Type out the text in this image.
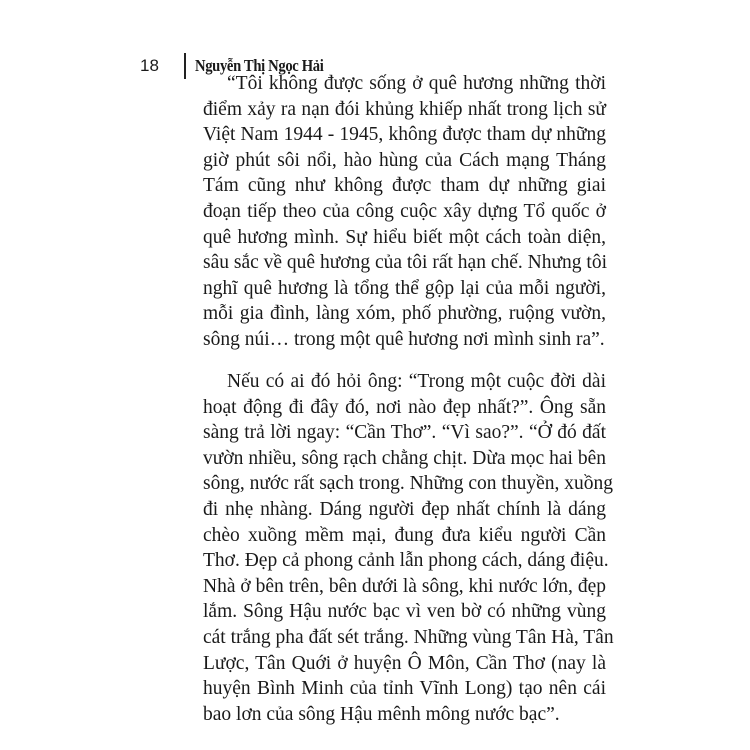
18	Nguyễn Thị Ngọc Hải
“Tôi không được sống ở quê hương những thời
điểm xảy ra nạn đói khủng khiếp nhất trong lịch sử
Việt Nam 1944 - 1945, không được tham dự những
giờ phút sôi nổi, hào hùng của Cách mạng Tháng
Tám cũng như không được tham dự những giai
đoạn tiếp theo của công cuộc xây dựng Tổ quốc ở
quê hương mình. Sự hiểu biết một cách toàn diện,
sâu sắc về quê hương của tôi rất hạn chế. Nhưng tôi
nghĩ quê hương là tổng thể gộp lại của mỗi người,
mỗi gia đình, làng xóm, phố phường, ruộng vườn,
sông núi… trong một quê hương nơi mình sinh ra”.
Nếu có ai đó hỏi ông: “Trong một cuộc đời dài
hoạt động đi đây đó, nơi nào đẹp nhất?”. Ông sẵn
sàng trả lời ngay: “Cần Thơ”. “Vì sao?”. “Ở đó đất
vườn nhiều, sông rạch chằng chịt. Dừa mọc hai bên
sông, nước rất sạch trong. Những con thuyền, xuồng
đi nhẹ nhàng. Dáng người đẹp nhất chính là dáng
chèo xuồng mềm mại, đung đưa kiểu người Cần
Thơ. Đẹp cả phong cảnh lẫn phong cách, dáng điệu.
Nhà ở bên trên, bên dưới là sông, khi nước lớn, đẹp
lắm. Sông Hậu nước bạc vì ven bờ có những vùng
cát trắng pha đất sét trắng. Những vùng Tân Hà, Tân
Lược, Tân Quới ở huyện Ô Môn, Cần Thơ (nay là
huyện Bình Minh của tỉnh Vĩnh Long) tạo nên cái
bao lơn của sông Hậu mênh mông nước bạc”.
